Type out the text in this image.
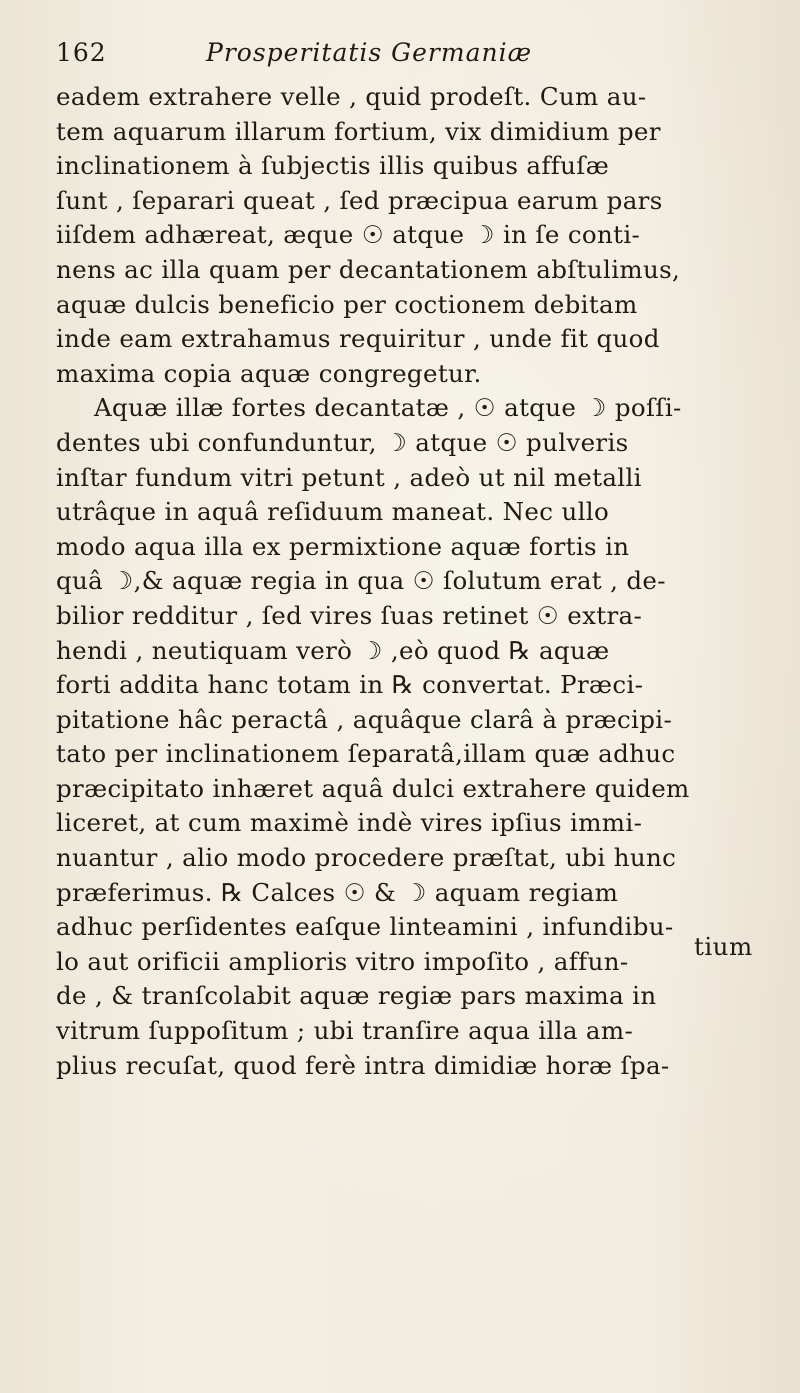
162	Prosperitatis Germaniæ
eadem extrahere velle , quid prodeſt. Cum au-
tem aquarum illarum fortium, vix dimidium per
inclinationem à ſubjectis illis quibus affuſæ
ſunt , ſeparari queat , ſed præcipua earum pars
iiſdem adhæreat, æque ☉ atque ☽ in ſe conti-
nens ac illa quam per decantationem abſtulimus,
aquæ dulcis beneficio per coctionem debitam
inde eam extrahamus requiritur , unde fit quod
maxima copia aquæ congregetur.
Aquæ illæ fortes decantatæ , ☉ atque ☽ poſſi-
dentes ubi confunduntur, ☽ atque ☉ pulveris
inſtar fundum vitri petunt , adeò ut nil metalli
utrâque in aquâ reſiduum maneat. Nec ullo
modo aqua illa ex permixtione aquæ fortis in
quâ ☽,& aquæ regia in qua ☉ ſolutum erat , de-
bilior redditur , ſed vires ſuas retinet ☉ extra-
hendi , neutiquam verò ☽ ,eò quod ℞ aquæ
forti addita hanc totam in ℞ convertat. Præci-
pitatione hâc peractâ , aquâque clarâ à præcipi-
tato per inclinationem ſeparatâ,illam quæ adhuc
præcipitato inhæret aquâ dulci extrahere quidem
liceret, at cum maximè indè vires ipſius immi-
nuantur , alio modo procedere præſtat, ubi hunc
præferimus. ℞ Calces ☉ & ☽ aquam regiam
adhuc perſidentes eaſque linteamini , infundibu-
lo aut orificii amplioris vitro impoſito , affun-
de , & tranſcolabit aquæ regiæ pars maxima in
vitrum ſuppoſitum ; ubi tranſire aqua illa am-
plius recuſat, quod ferè intra dimidiæ horæ ſpa-
tium
